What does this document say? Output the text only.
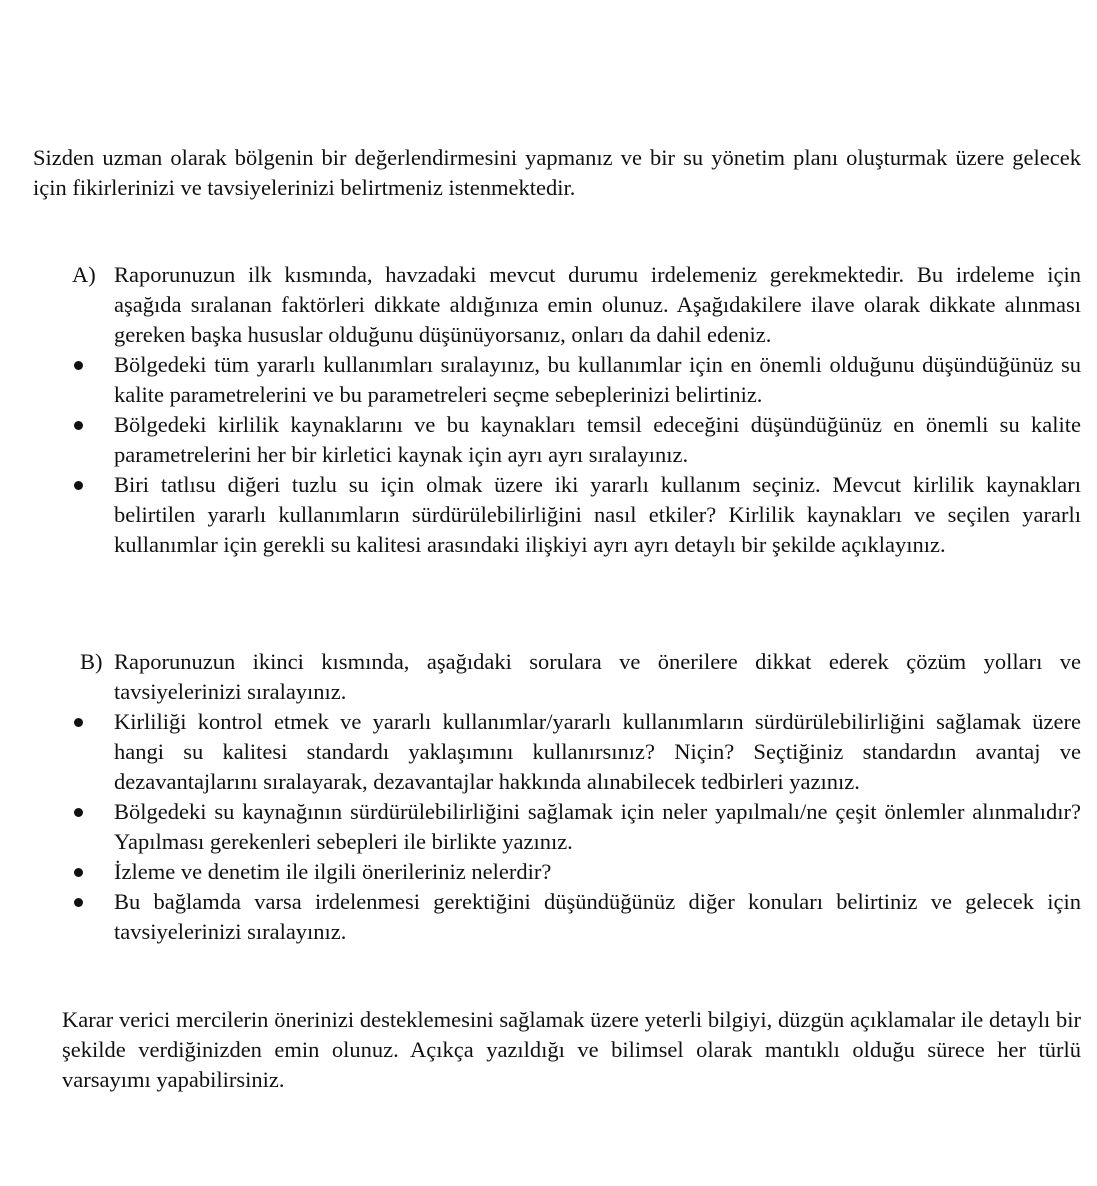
Sizden uzman olarak bölgenin bir değerlendirmesini yapmanız ve bir su yönetim planı oluşturmak üzere gelecek için fikirlerinizi ve tavsiyelerinizi belirtmeniz istenmektedir.

A) Raporunuzun ilk kısmında, havzadaki mevcut durumu irdelemeniz gerekmektedir. Bu irdeleme için aşağıda sıralanan faktörleri dikkate aldığınıza emin olunuz. Aşağıdakilere ilave olarak dikkate alınması gereken başka hususlar olduğunu düşünüyorsanız, onları da dahil edeniz.
Bölgedeki tüm yararlı kullanımları sıralayınız, bu kullanımlar için en önemli olduğunu düşündüğünüz su kalite parametrelerini ve bu parametreleri seçme sebeplerinizi belirtiniz.
Bölgedeki kirlilik kaynaklarını ve bu kaynakları temsil edeceğini düşündüğünüz en önemli su kalite parametrelerini her bir kirletici kaynak için ayrı ayrı sıralayınız.
Biri tatlısu diğeri tuzlu su için olmak üzere iki yararlı kullanım seçiniz. Mevcut kirlilik kaynakları belirtilen yararlı kullanımların sürdürülebilirliğini nasıl etkiler? Kirlilik kaynakları ve seçilen yararlı kullanımlar için gerekli su kalitesi arasındaki ilişkiyi ayrı ayrı detaylı bir şekilde açıklayınız.
B) Raporunuzun ikinci kısmında, aşağıdaki sorulara ve önerilere dikkat ederek çözüm yolları ve tavsiyelerinizi sıralayınız.
Kirliliği kontrol etmek ve yararlı kullanımlar/yararlı kullanımların sürdürülebilirliğini sağlamak üzere hangi su kalitesi standardı yaklaşımını kullanırsınız? Niçin? Seçtiğiniz standardın avantaj ve dezavantajlarını sıralayarak, dezavantajlar hakkında alınabilecek tedbirleri yazınız.
Bölgedeki su kaynağının sürdürülebilirliğini sağlamak için neler yapılmalı/ne çeşit önlemler alınmalıdır? Yapılması gerekenleri sebepleri ile birlikte yazınız.
İzleme ve denetim ile ilgili önerileriniz nelerdir?
Bu bağlamda varsa irdelenmesi gerektiğini düşündüğünüz diğer konuları belirtiniz ve gelecek için tavsiyelerinizi sıralayınız.

Karar verici mercilerin önerinizi desteklemesini sağlamak üzere yeterli bilgiyi, düzgün açıklamalar ile detaylı bir şekilde verdiğinizden emin olunuz. Açıkça yazıldığı ve bilimsel olarak mantıklı olduğu sürece her türlü varsayımı yapabilirsiniz.
